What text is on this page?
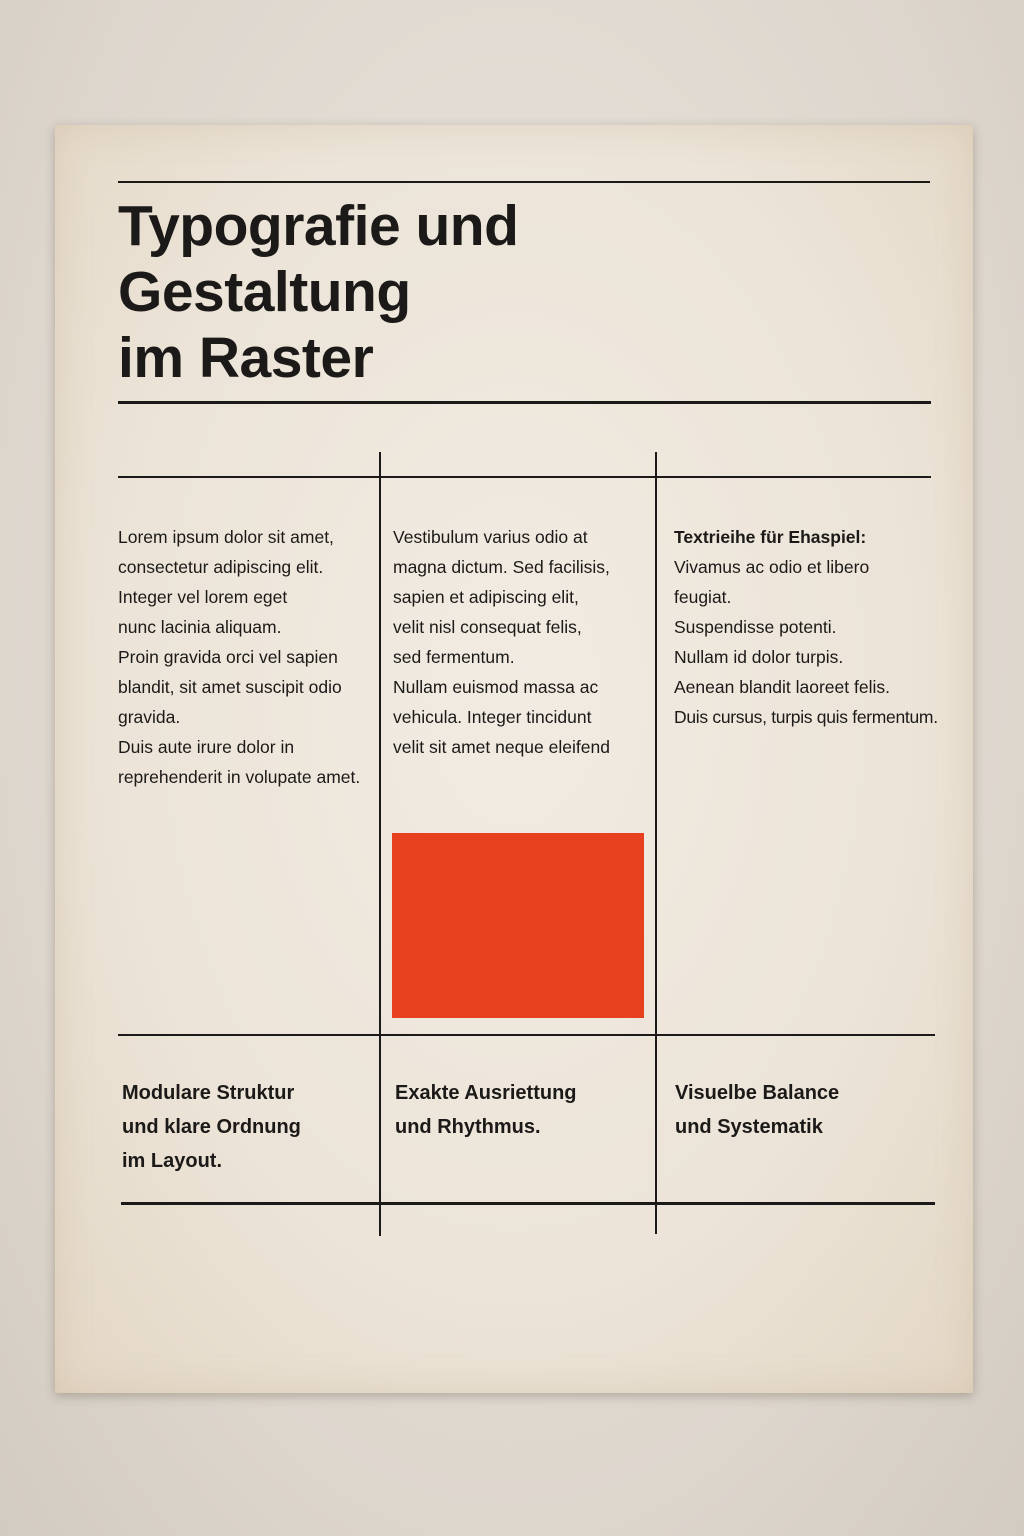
Typografie und
Gestaltung
im Raster
Lorem ipsum dolor sit amet,
consectetur adipiscing elit.
Integer vel lorem eget
nunc lacinia aliquam.
Proin gravida orci vel sapien
blandit, sit amet suscipit odio
gravida.
Duis aute irure dolor in
reprehenderit in volupate amet.
Vestibulum varius odio at
magna dictum. Sed facilisis,
sapien et adipiscing elit,
velit nisl consequat felis,
sed fermentum.
Nullam euismod massa ac
vehicula. Integer tincidunt
velit sit amet neque eleifend
Textrieihe für Ehaspiel:
Vivamus ac odio et libero
feugiat.
Suspendisse potenti.
Nullam id dolor turpis.
Aenean blandit laoreet felis.
Duis cursus, turpis quis fermentum.
Modulare Struktur
und klare Ordnung
im Layout.
Exakte Ausriettung
und Rhythmus.
Visuelbe Balance
und Systematik
